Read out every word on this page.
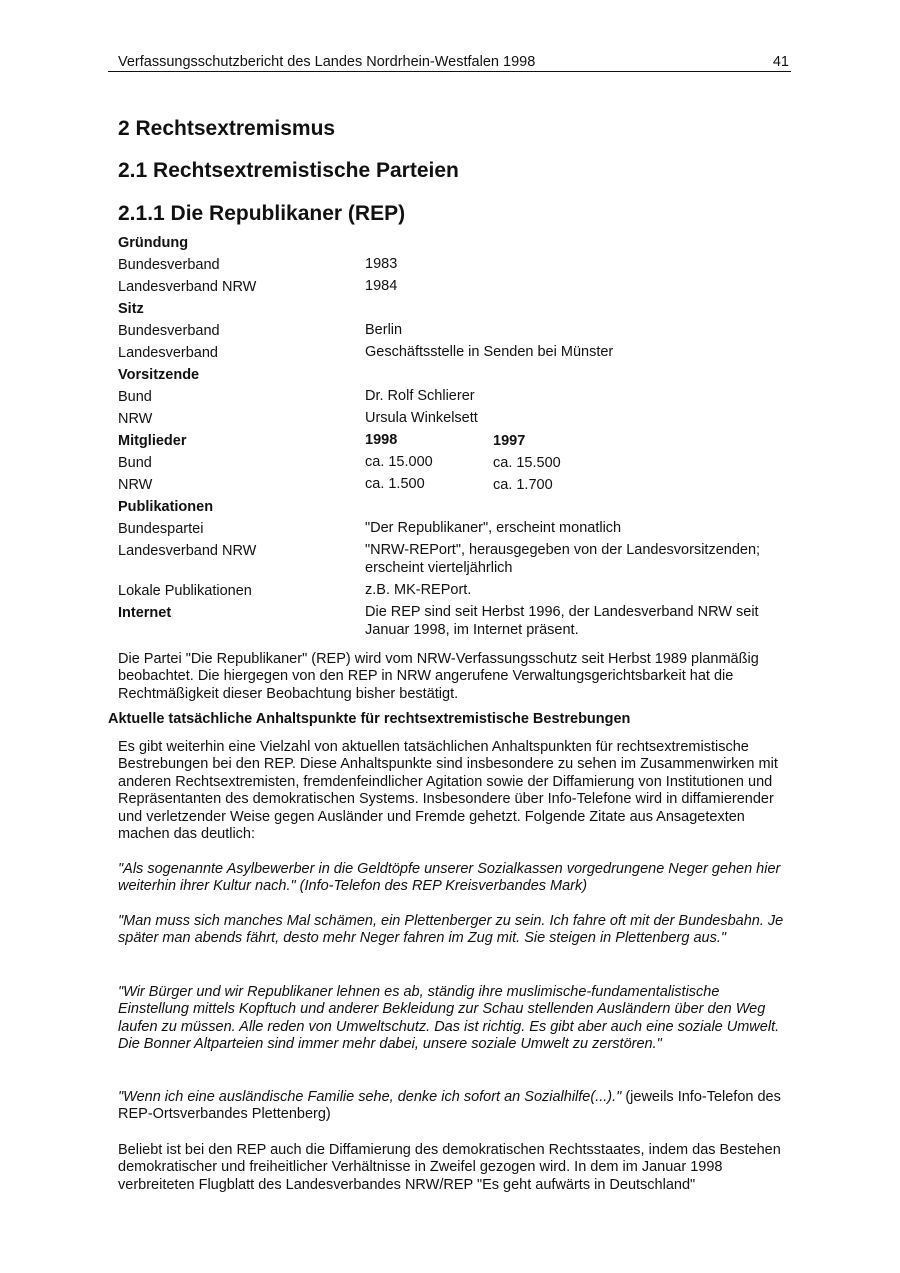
Verfassungsschutzbericht des Landes Nordrhein-Westfalen 1998	41
2 Rechtsextremismus
2.1 Rechtsextremistische Parteien
2.1.1 Die Republikaner (REP)
Gründung
Bundesverband	1983
Landesverband NRW	1984
Sitz
Bundesverband	Berlin
Landesverband	Geschäftsstelle in Senden bei Münster
Vorsitzende
Bund	Dr. Rolf Schlierer
NRW	Ursula Winkelsett
Mitglieder	1998	1997
Bund	ca. 15.000	ca. 15.500
NRW	ca. 1.500	ca. 1.700
Publikationen
Bundespartei	"Der Republikaner", erscheint monatlich
Landesverband NRW	"NRW-REPort", herausgegeben von der Landesvorsitzenden; erscheint vierteljährlich
Lokale Publikationen	z.B. MK-REPort.
Internet	Die REP sind seit Herbst 1996, der Landesverband NRW seit Januar 1998, im Internet präsent.

Die Partei "Die Republikaner" (REP) wird vom NRW-Verfassungsschutz seit Herbst 1989 planmäßig beobachtet. Die hiergegen von den REP in NRW angerufene Verwaltungsgerichtsbarkeit hat die Rechtmäßigkeit dieser Beobachtung bisher bestätigt.

Aktuelle tatsächliche Anhaltspunkte für rechtsextremistische Bestrebungen

Es gibt weiterhin eine Vielzahl von aktuellen tatsächlichen Anhaltspunkten für rechtsextremistische Bestrebungen bei den REP. Diese Anhaltspunkte sind insbesondere zu sehen im Zusammenwirken mit anderen Rechtsextremisten, fremdenfeindlicher Agitation sowie der Diffamierung von Institutionen und Repräsentanten des demokratischen Systems. Insbesondere über Info-Telefone wird in diffamierender und verletzender Weise gegen Ausländer und Fremde gehetzt. Folgende Zitate aus Ansagetexten machen das deutlich:

"Als sogenannte Asylbewerber in die Geldtöpfe unserer Sozialkassen vorgedrungene Neger gehen hier weiterhin ihrer Kultur nach." (Info-Telefon des REP Kreisverbandes Mark)

"Man muss sich manches Mal schämen, ein Plettenberger zu sein. Ich fahre oft mit der Bundesbahn. Je später man abends fährt, desto mehr Neger fahren im Zug mit. Sie steigen in Plettenberg aus."

"Wir Bürger und wir Republikaner lehnen es ab, ständig ihre muslimische-fundamentalistische Einstellung mittels Kopftuch und anderer Bekleidung zur Schau stellenden Ausländern über den Weg laufen zu müssen. Alle reden von Umweltschutz. Das ist richtig. Es gibt aber auch eine soziale Umwelt. Die Bonner Altparteien sind immer mehr dabei, unsere soziale Umwelt zu zerstören."

"Wenn ich eine ausländische Familie sehe, denke ich sofort an Sozialhilfe(...)." (jeweils Info-Telefon des REP-Ortsverbandes Plettenberg)

Beliebt ist bei den REP auch die Diffamierung des demokratischen Rechtsstaates, indem das Bestehen demokratischer und freiheitlicher Verhältnisse in Zweifel gezogen wird. In dem im Januar 1998 verbreiteten Flugblatt des Landesverbandes NRW/REP "Es geht aufwärts in Deutschland"
